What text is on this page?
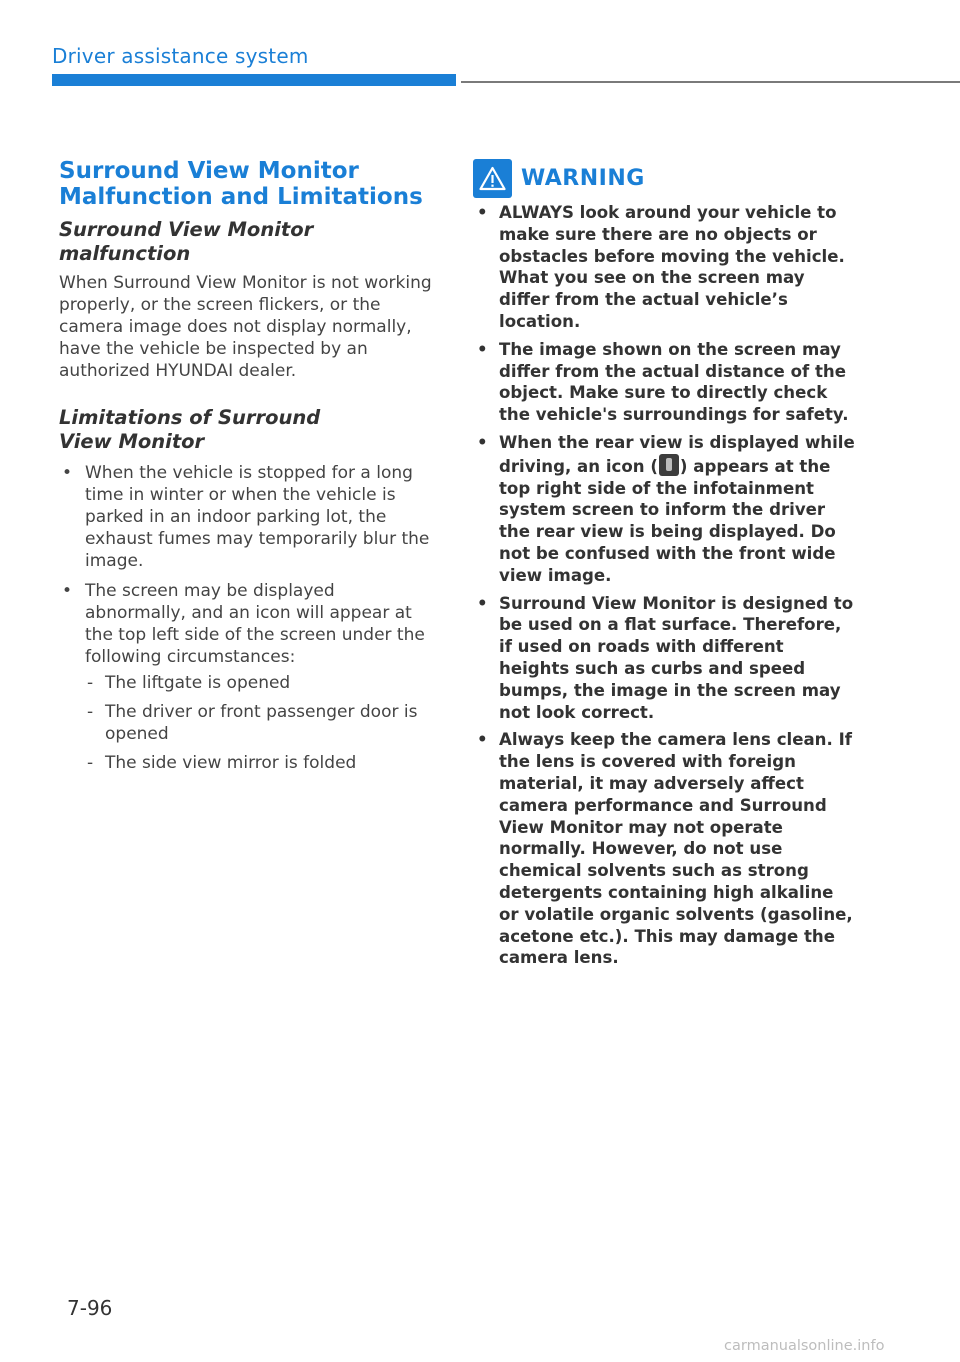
Driver assistance system
Surround View Monitor
Malfunction and Limitations
Surround View Monitor malfunction

When Surround View Monitor is not working properly, or the screen flickers, or the camera image does not display normally, have the vehicle be inspected by an authorized HYUNDAI dealer.

Limitations of Surround View Monitor
• When the vehicle is stopped for a long time in winter or when the vehicle is parked in an indoor parking lot, the exhaust fumes may temporarily blur the image.
• The screen may be displayed abnormally, and an icon will appear at the top left side of the screen under the following circumstances:
- The liftgate is opened
- The driver or front passenger door is opened
- The side view mirror is folded
WARNING
• ALWAYS look around your vehicle to make sure there are no objects or obstacles before moving the vehicle. What you see on the screen may differ from the actual vehicle’s location.
• The image shown on the screen may differ from the actual distance of the object. Make sure to directly check the vehicle's surroundings for safety.
• When the rear view is displayed while driving, an icon ( ) appears at the top right side of the infotainment system screen to inform the driver the rear view is being displayed. Do not be confused with the front wide view image.
• Surround View Monitor is designed to be used on a flat surface. Therefore, if used on roads with different heights such as curbs and speed bumps, the image in the screen may not look correct.
• Always keep the camera lens clean. If the lens is covered with foreign material, it may adversely affect camera performance and Surround View Monitor may not operate normally. However, do not use chemical solvents such as strong detergents containing high alkaline or volatile organic solvents (gasoline, acetone etc.). This may damage the camera lens.
7-96
carmanualsonline.info
